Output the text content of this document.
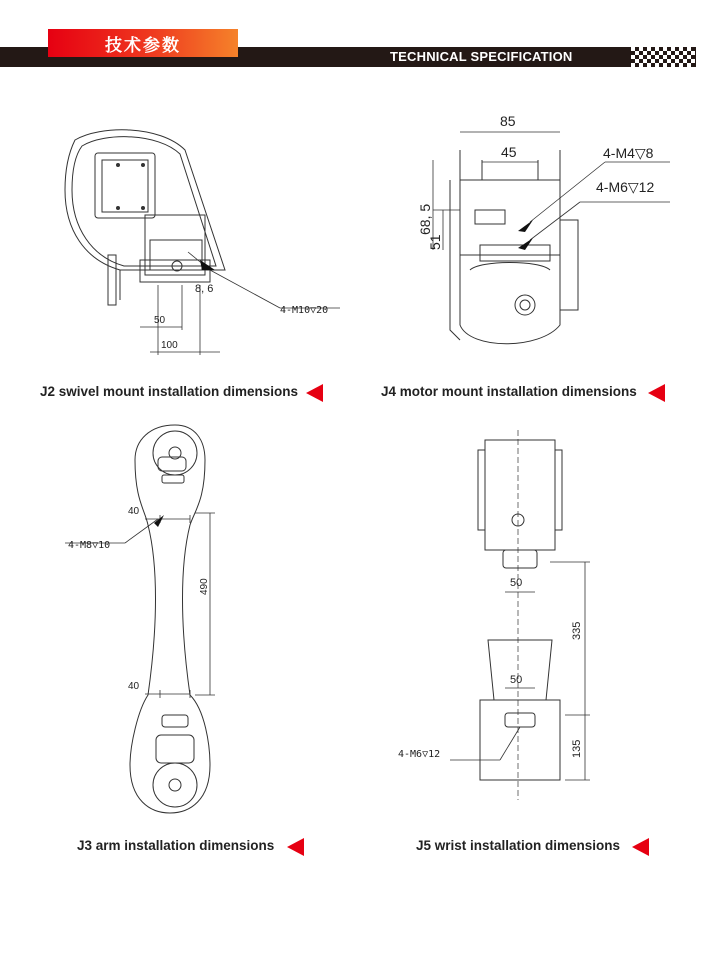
技术参数
TECHNICAL SPECIFICATION
8, 6
50
100
4-M10▽20
85
45
68, 5
51
4-M4▽8
4-M6▽12
40
40
490
4-M8▽10
50
50
335
135
4-M6▽12
J2 swivel mount installation dimensions	J4 motor mount installation dimensions
J3 arm installation dimensions	J5 wrist installation dimensions
